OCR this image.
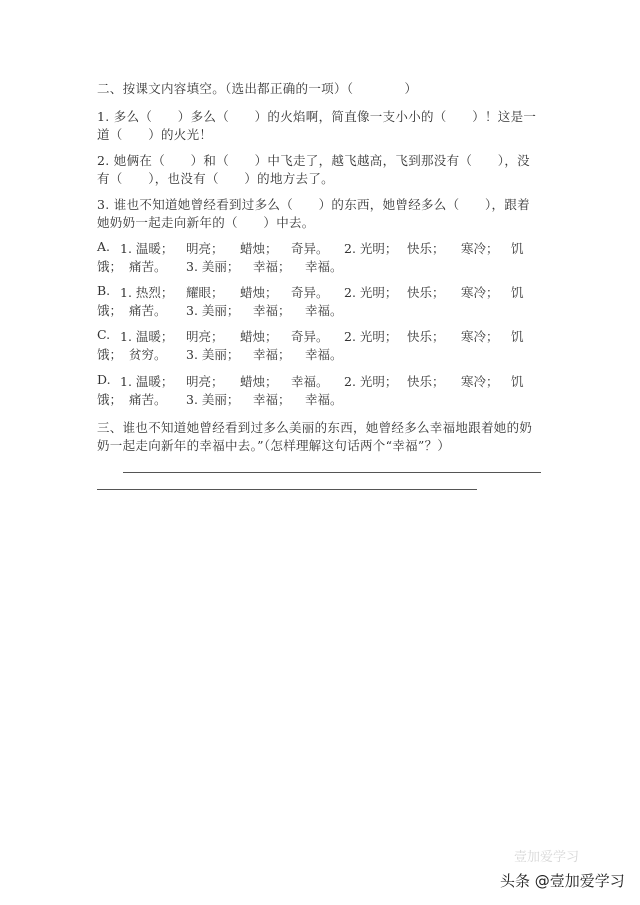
二、按课文内容填空。（选出都正确的一项）（　　　　）
1. 多么（　　）多么（　　）的火焰啊，简直像一支小小的（　　）！这是一
道（　　）的火光！
2. 她俩在（　　）和（　　）中飞走了，越飞越高，飞到那没有（　　），没
有（　　），也没有（　　）的地方去了。
3. 谁也不知道她曾经看到过多么（　　）的东西，她曾经多么（　　），跟着
她奶奶一起走向新年的（　　）中去。
A. 1. 温暖； 明亮； 蜡烛； 奇异。 2. 光明； 快乐； 寒冷； 饥
饿； 痛苦。 3. 美丽； 幸福； 幸福。
B. 1. 热烈； 耀眼； 蜡烛； 奇异。 2. 光明； 快乐； 寒冷； 饥
饿； 痛苦。 3. 美丽； 幸福； 幸福。
C. 1. 温暖； 明亮； 蜡烛； 奇异。 2. 光明； 快乐； 寒冷； 饥
饿； 贫穷。 3. 美丽； 幸福； 幸福。
D. 1. 温暖； 明亮； 蜡烛； 幸福。 2. 光明； 快乐； 寒冷； 饥
饿； 痛苦。 3. 美丽； 幸福； 幸福。
三、谁也不知道她曾经看到过多么美丽的东西，她曾经多么幸福地跟着她的奶
奶一起走向新年的幸福中去。”（怎样理解这句话两个“幸福”？）
壹加爱学习
头条 @壹加爱学习
